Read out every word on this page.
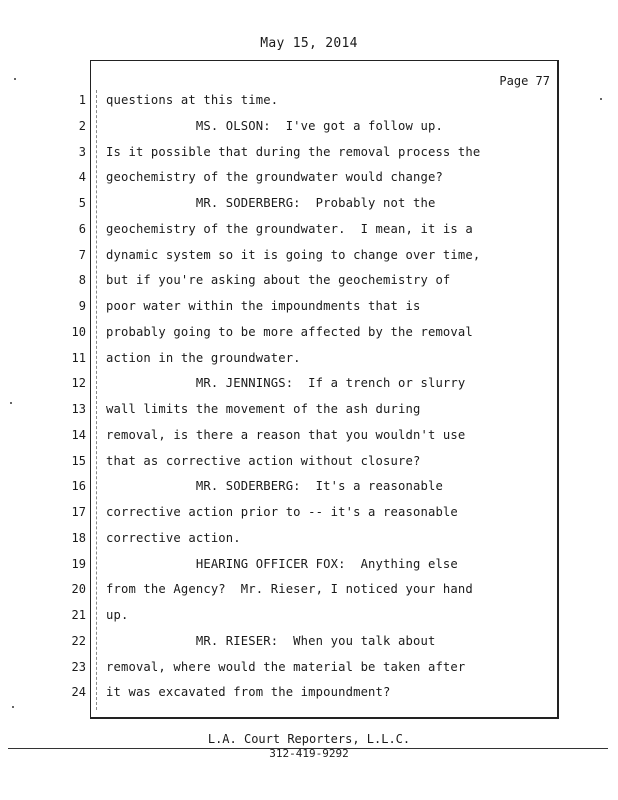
May 15, 2014
Page 77
1 questions at this time.
2 MS. OLSON:  I've got a follow up.
3 Is it possible that during the removal process the
4 geochemistry of the groundwater would change?
5 MR. SODERBERG:  Probably not the
6 geochemistry of the groundwater.  I mean, it is a
7 dynamic system so it is going to change over time,
8 but if you're asking about the geochemistry of
9 poor water within the impoundments that is
10 probably going to be more affected by the removal
11 action in the groundwater.
12 MR. JENNINGS:  If a trench or slurry
13 wall limits the movement of the ash during
14 removal, is there a reason that you wouldn't use
15 that as corrective action without closure?
16 MR. SODERBERG:  It's a reasonable
17 corrective action prior to -- it's a reasonable
18 corrective action.
19 HEARING OFFICER FOX:  Anything else
20 from the Agency?  Mr. Rieser, I noticed your hand
21 up.
22 MR. RIESER:  When you talk about
23 removal, where would the material be taken after
24 it was excavated from the impoundment?
L.A. Court Reporters, L.L.C.
312-419-9292
